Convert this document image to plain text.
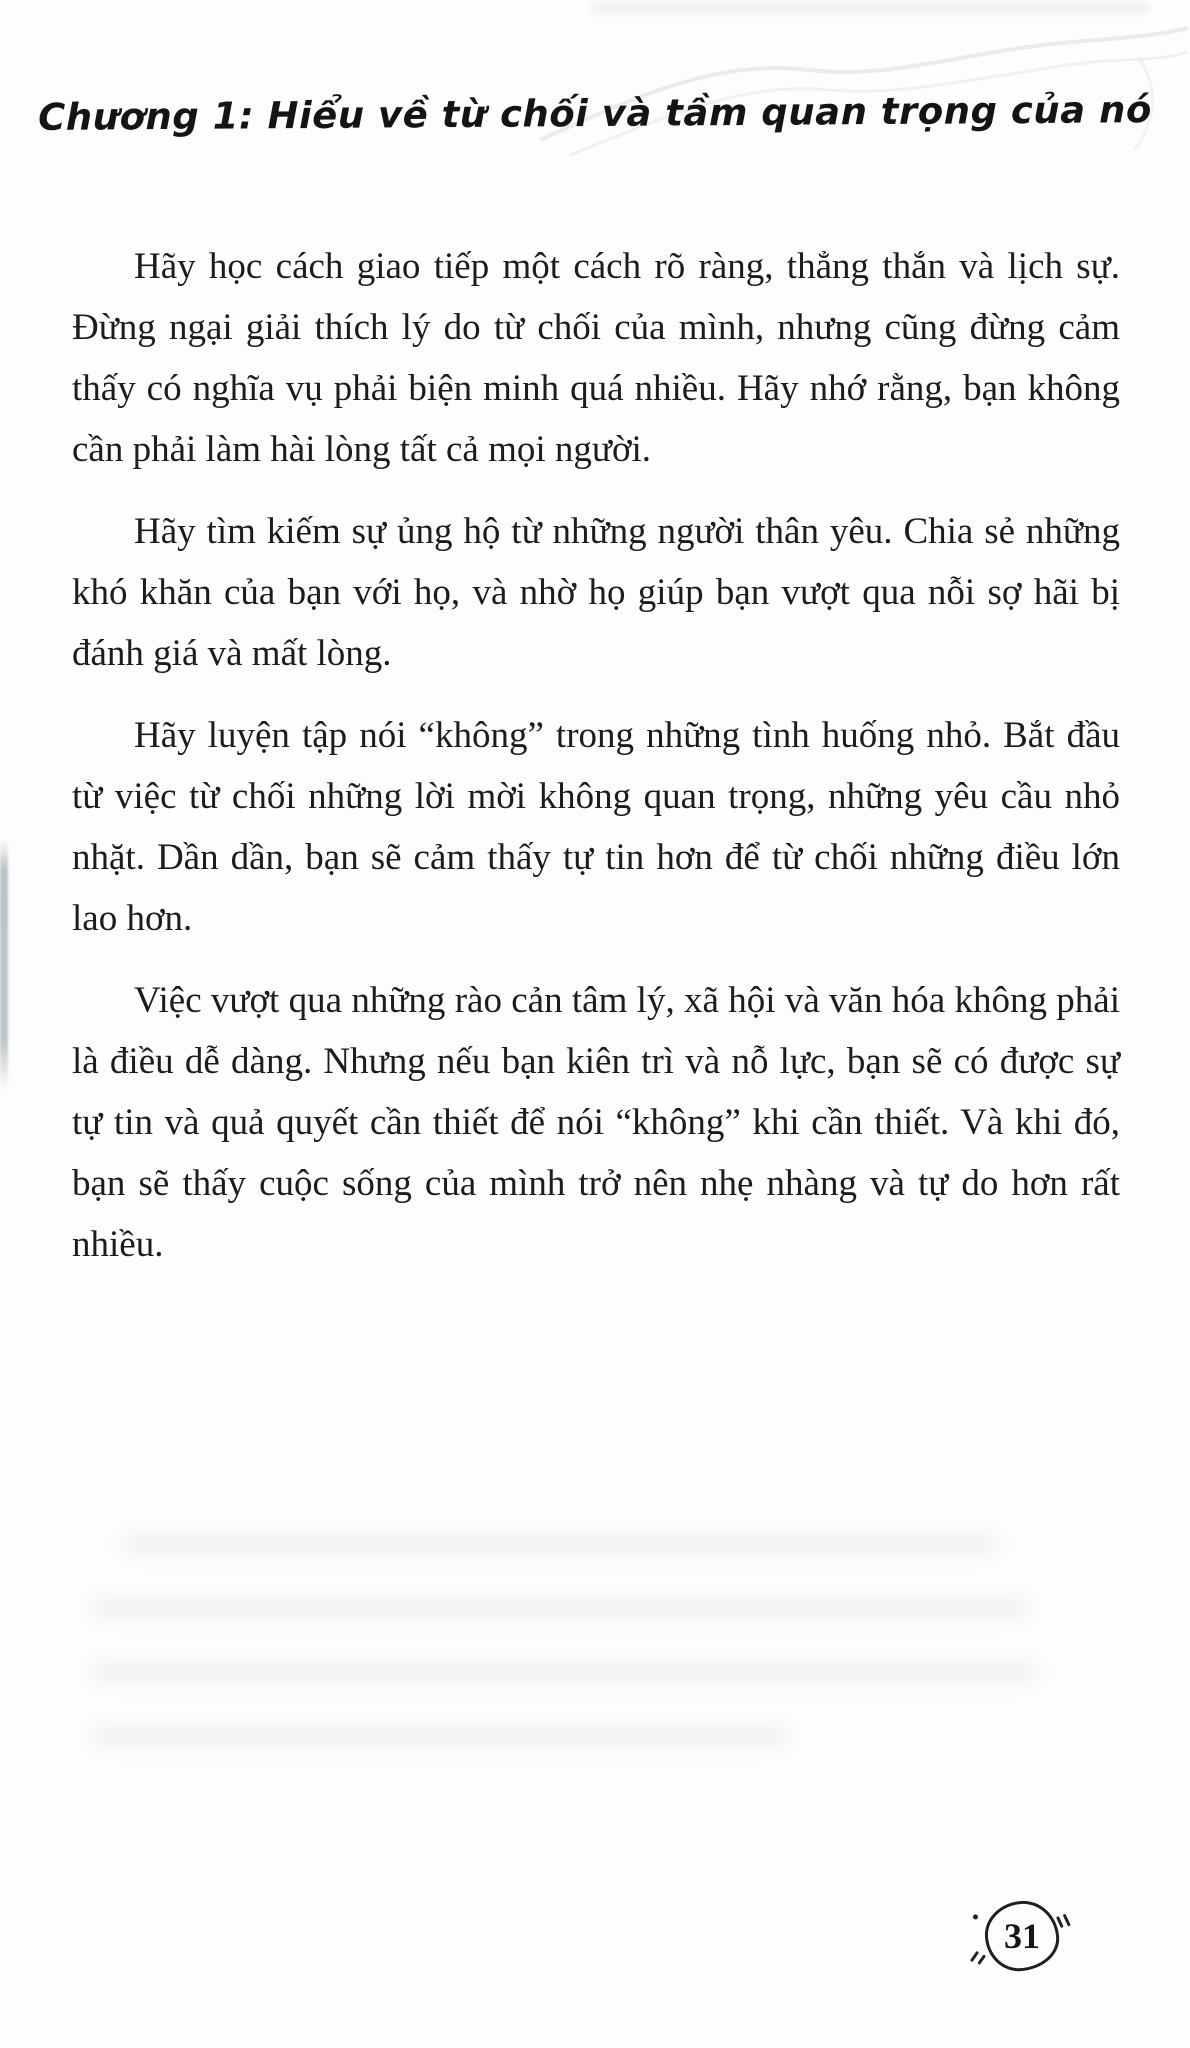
Chương 1: Hiểu về từ chối và tầm quan trọng của nó

Hãy học cách giao tiếp một cách rõ ràng, thẳng thắn và lịch sự. Đừng ngại giải thích lý do từ chối của mình, nhưng cũng đừng cảm thấy có nghĩa vụ phải biện minh quá nhiều. Hãy nhớ rằng, bạn không cần phải làm hài lòng tất cả mọi người.

Hãy tìm kiếm sự ủng hộ từ những người thân yêu. Chia sẻ những khó khăn của bạn với họ, và nhờ họ giúp bạn vượt qua nỗi sợ hãi bị đánh giá và mất lòng.

Hãy luyện tập nói “không” trong những tình huống nhỏ. Bắt đầu từ việc từ chối những lời mời không quan trọng, những yêu cầu nhỏ nhặt. Dần dần, bạn sẽ cảm thấy tự tin hơn để từ chối những điều lớn lao hơn.

Việc vượt qua những rào cản tâm lý, xã hội và văn hóa không phải là điều dễ dàng. Nhưng nếu bạn kiên trì và nỗ lực, bạn sẽ có được sự tự tin và quả quyết cần thiết để nói “không” khi cần thiết. Và khi đó, bạn sẽ thấy cuộc sống của mình trở nên nhẹ nhàng và tự do hơn rất nhiều.

31
